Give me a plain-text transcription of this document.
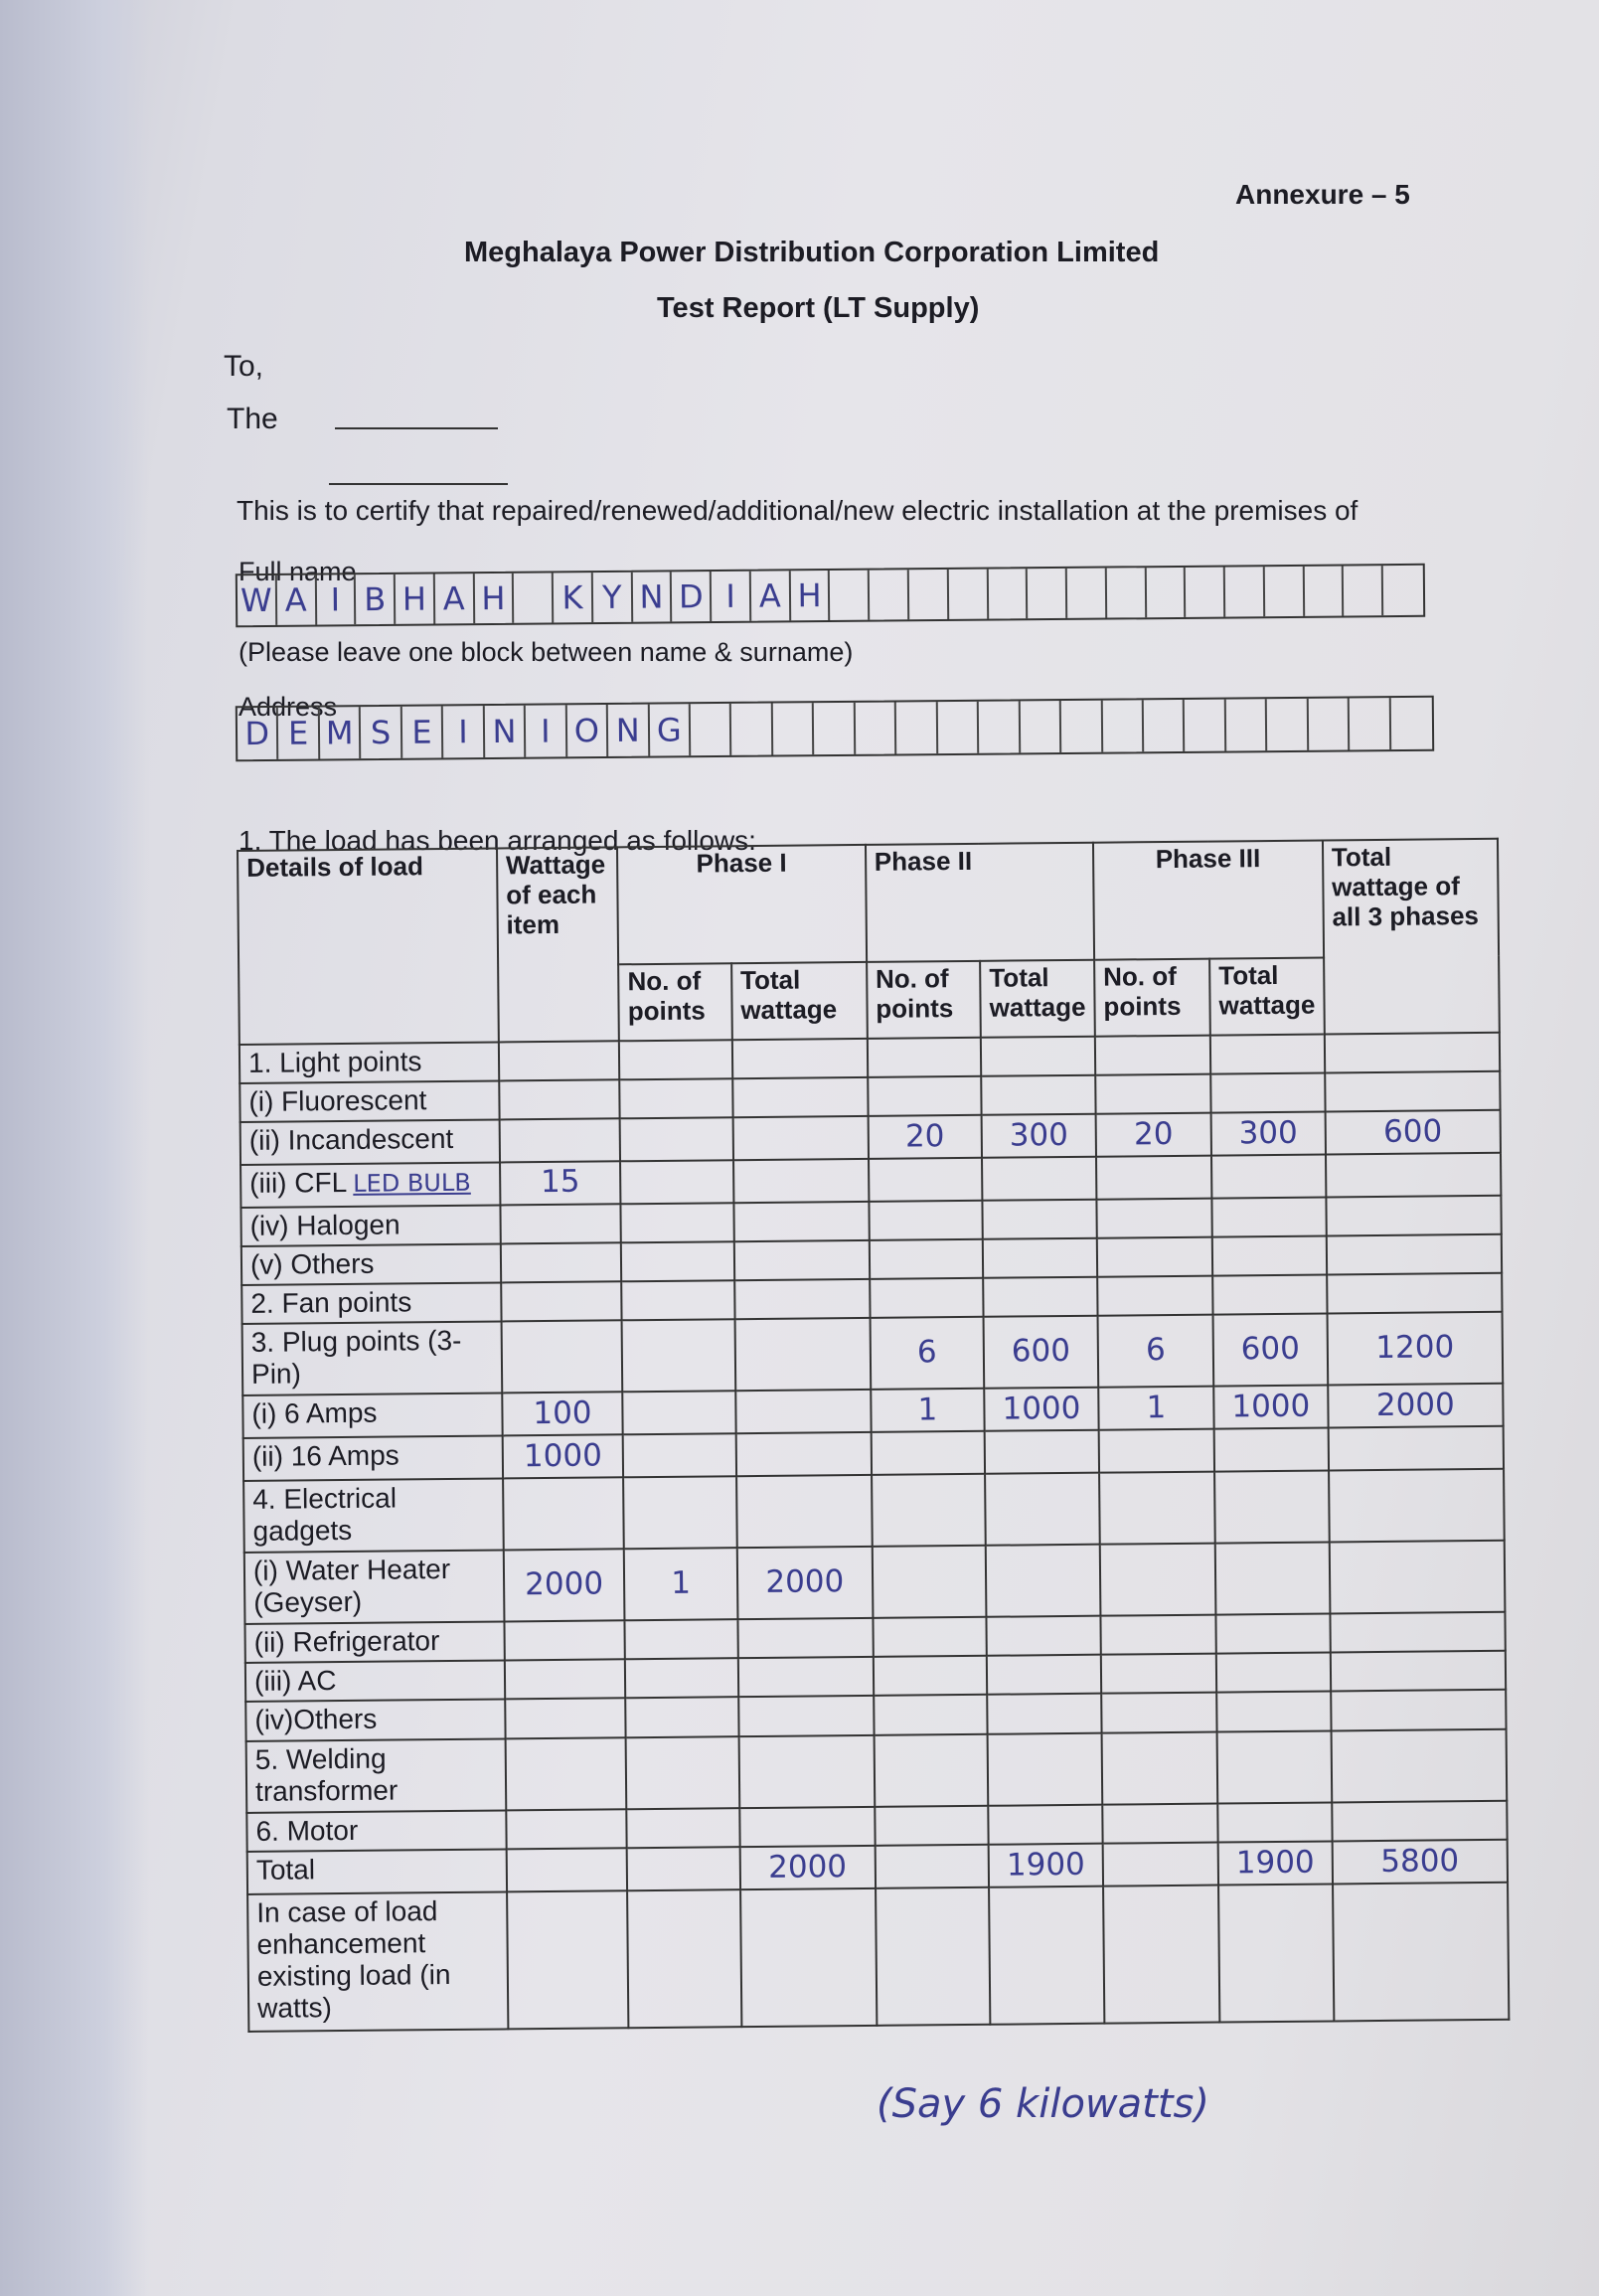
Annexure – 5
Meghalaya Power Distribution Corporation Limited
Test Report (LT Supply)
To,
The
This is to certify that repaired/renewed/additional/new electric installation at the premises of
Full name
W A I B H A H K Y N D I A H
(Please leave one block between name & surname)
Address
D E M S E I N I O N G
1. The load has been arranged as follows:
Details of load	Wattage of each item	Phase I		Phase II		Phase III		Total wattage of all 3 phases
		No. of points	Total wattage	No. of points	Total wattage	No. of points	Total wattage	
1. Light points								
(i) Fluorescent								
(ii) Incandescent				20	300	20	300	600
(iii) CFL LED BULB	15							
(iv) Halogen								
(v) Others								
2. Fan points								
3. Plug points (3-Pin)				6	600	6	600	1200
(i) 6 Amps	100			1	1000	1	1000	2000
(ii) 16 Amps	1000							
4. Electrical gadgets								
(i) Water Heater (Geyser)	2000	1	2000					
(ii) Refrigerator								
(iii) AC								
(iv)Others								
5. Welding transformer								
6. Motor								
Total			2000		1900		1900	5800
In case of load enhancement existing load (in watts)								
(Say 6 kilowatts)
